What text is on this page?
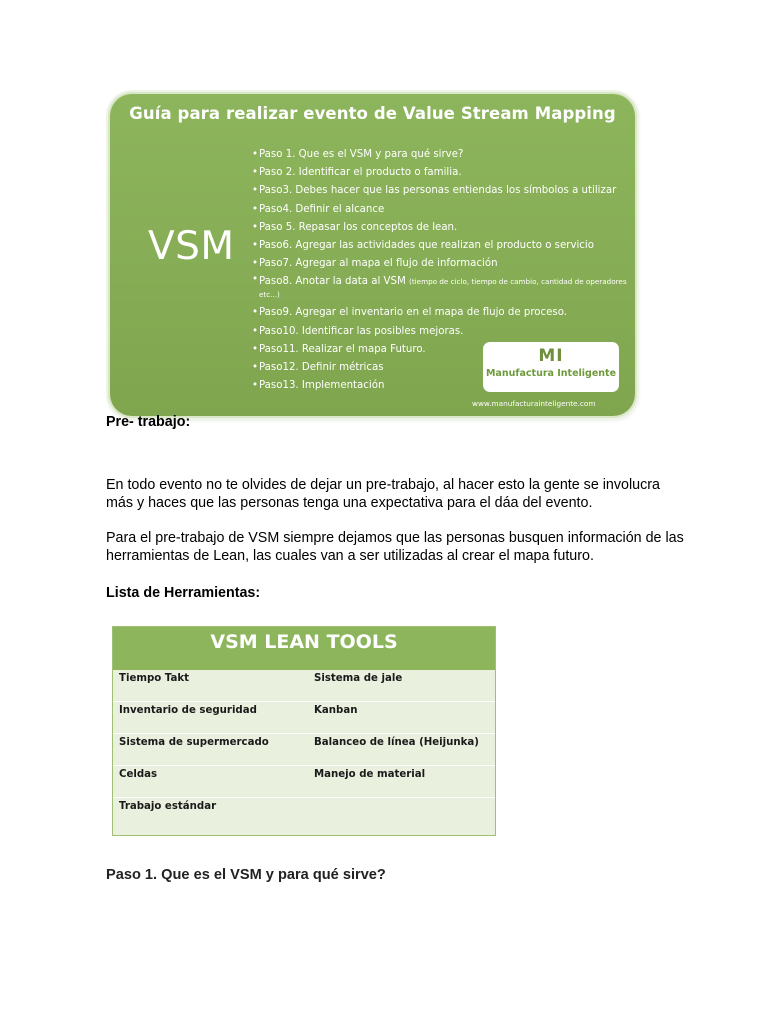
Guía para realizar evento de Value Stream Mapping
VSM
• Paso 1. Que es el VSM y para qué sirve?
• Paso 2. Identificar el producto o familia.
• Paso3. Debes hacer que las personas entiendas los símbolos a utilizar
• Paso4. Definir el alcance
• Paso 5. Repasar los conceptos de lean.
• Paso6. Agregar las actividades que realizan el producto o servicio
• Paso7. Agregar al mapa el flujo de información
• Paso8. Anotar la data al VSM (tiempo de ciclo, tiempo de cambio, cantidad de operadores etc...)
• Paso9. Agregar el inventario en el mapa de flujo de proceso.
• Paso10. Identificar las posibles mejoras.
• Paso11. Realizar el mapa Futuro.
• Paso12. Definir métricas
• Paso13. Implementación
MI
Manufactura Inteligente
www.manufacturainteligente.com

Pre- trabajo:

En todo evento no te olvides de dejar un pre-trabajo, al hacer esto la gente se involucra más y haces que las personas tenga una expectativa para el dáa del evento.

Para el pre-trabajo de VSM siempre dejamos que las personas busquen información de las herramientas de Lean, las cuales van a ser utilizadas al crear el mapa futuro.

Lista de Herramientas:

VSM LEAN TOOLS
Tiempo Takt	Sistema de jale
Inventario de seguridad	Kanban
Sistema de supermercado	Balanceo de línea (Heijunka)
Celdas	Manejo de material
Trabajo estándar

Paso 1. Que es el VSM y para qué sirve?
